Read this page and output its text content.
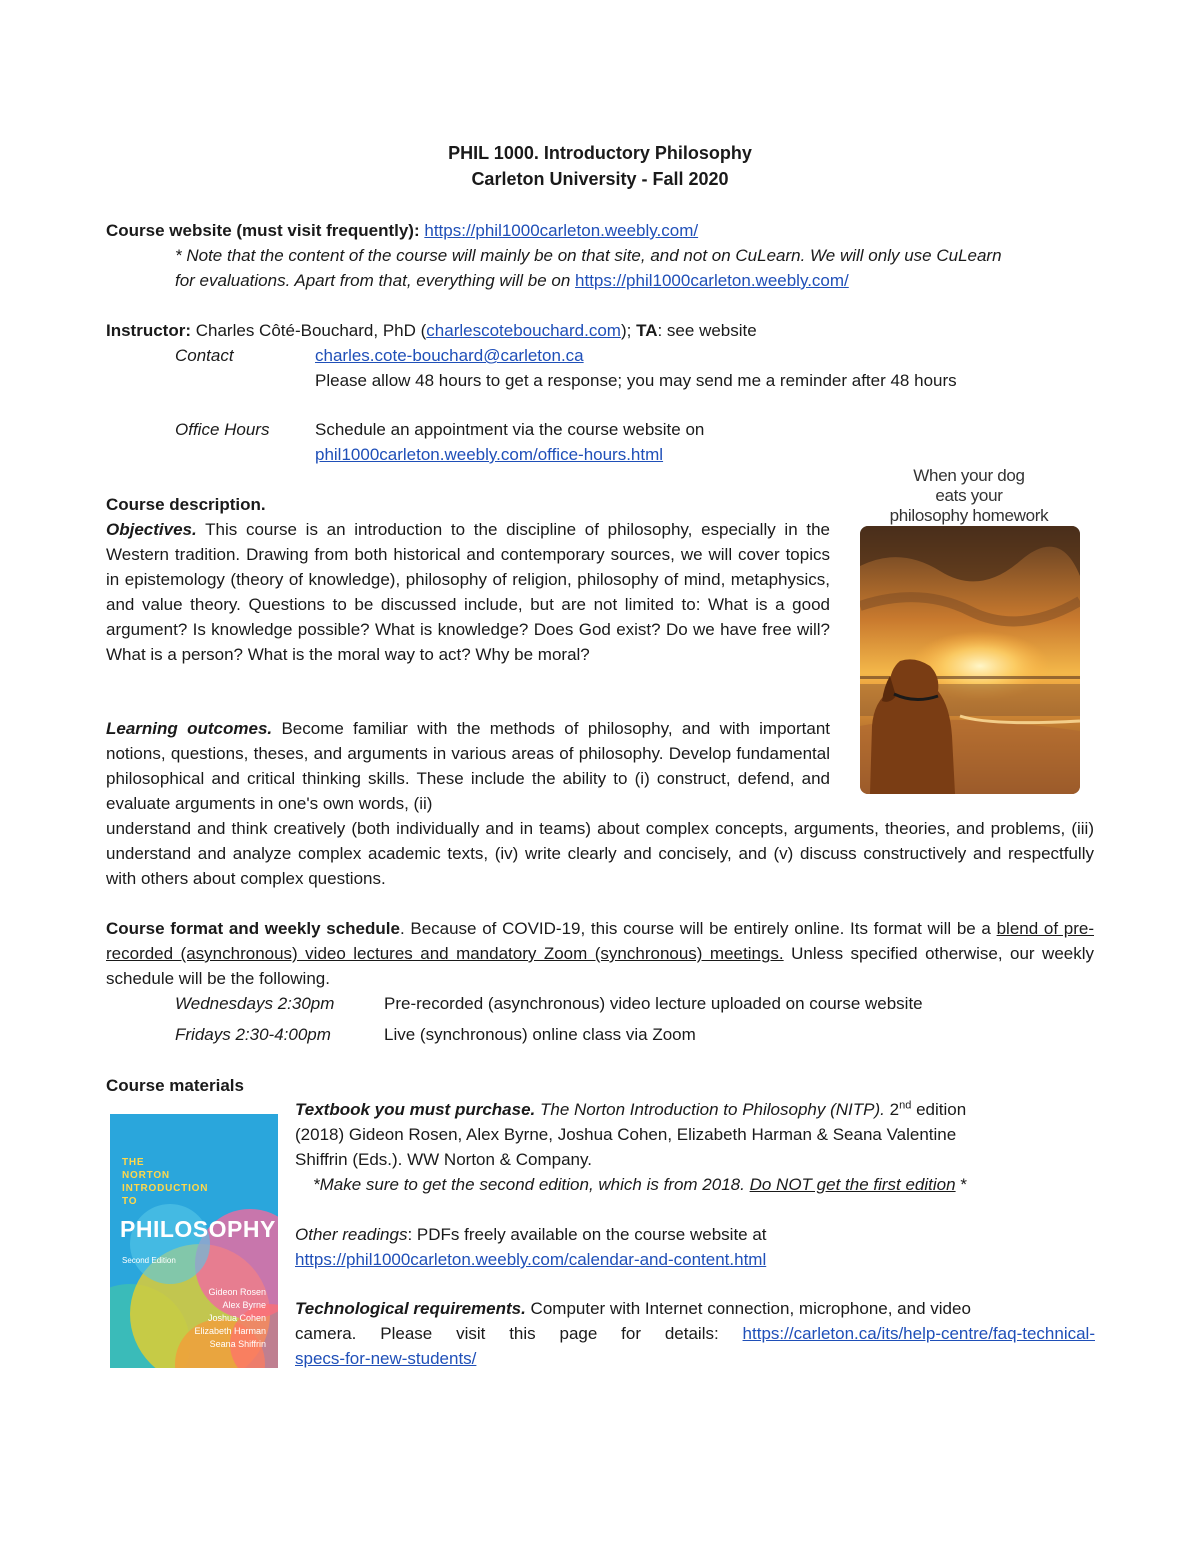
PHIL 1000. Introductory Philosophy
Carleton University - Fall 2020
Course website (must visit frequently): https://phil1000carleton.weebly.com/
* Note that the content of the course will mainly be on that site, and not on CuLearn. We will only use CuLearn
for evaluations. Apart from that, everything will be on https://phil1000carleton.weebly.com/
Instructor: Charles Côté-Bouchard, PhD (charlescotebouchard.com); TA: see website
Contact	charles.cote-bouchard@carleton.ca
Please allow 48 hours to get a response; you may send me a reminder after 48 hours
Office Hours	Schedule an appointment via the course website on
phil1000carleton.weebly.com/office-hours.html
Course description.

Objectives. This course is an introduction to the discipline of philosophy, especially in the Western tradition. Drawing from both historical and contemporary sources, we will cover topics in epistemology (theory of knowledge), philosophy of religion, philosophy of mind, metaphysics, and value theory. Questions to be discussed include, but are not limited to: What is a good argument? Is knowledge possible? What is knowledge? Does God exist? Do we have free will? What is a person? What is the moral way to act? Why be moral?

Learning outcomes. Become familiar with the methods of philosophy, and with important notions, questions, theses, and arguments in various areas of philosophy. Develop fundamental philosophical and critical thinking skills. These include the ability to (i) construct, defend, and evaluate arguments in one's own words, (ii)

understand and think creatively (both individually and in teams) about complex concepts, arguments, theories, and problems, (iii) understand and analyze complex academic texts, (iv) write clearly and concisely, and (v) discuss constructively and respectfully with others about complex questions.

When your dog
eats your
philosophy homework

Course format and weekly schedule. Because of COVID-19, this course will be entirely online. Its format will be a blend of pre-recorded (asynchronous) video lectures and mandatory Zoom (synchronous) meetings. Unless specified otherwise, our weekly schedule will be the following.

Wednesdays 2:30pm	Pre-recorded (asynchronous) video lecture uploaded on course website
Fridays 2:30-4:00pm	Live (synchronous) online class via Zoom
Course materials
THE
NORTON
INTRODUCTION
TO
PHILOSOPHY
Second Edition
Gideon Rosen
Alex Byrne
Joshua Cohen
Elizabeth Harman
Seana Shiffrin
Textbook you must purchase. The Norton Introduction to Philosophy (NITP). 2nd edition
(2018) Gideon Rosen, Alex Byrne, Joshua Cohen, Elizabeth Harman & Seana Valentine
Shiffrin (Eds.). WW Norton & Company.
*Make sure to get the second edition, which is from 2018. Do NOT get the first edition *
Other readings: PDFs freely available on the course website at
https://phil1000carleton.weebly.com/calendar-and-content.html
Technological requirements. Computer with Internet connection, microphone, and video
camera. Please visit this page for details: https://carleton.ca/its/help-centre/faq-technical-
specs-for-new-students/
